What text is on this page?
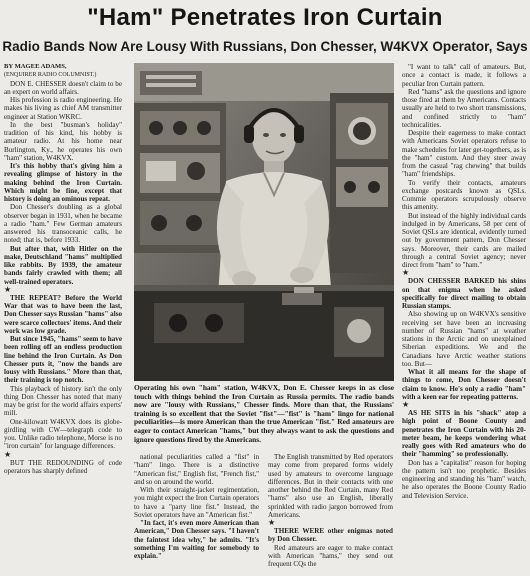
"Ham" Penetrates Iron Curtain
Radio Bands Now Are Lousy With Russians, Don Chesser, W4KVX Operator, Says

BY MAGEE ADAMS,

(ENQUIRER RADIO COLUMNIST.)

DON E. CHESSER doesn't claim to be an expert on world affairs.

His profession is radio engineering. He makes his living as chief AM transmitter engineer at Station WKRC.

In the best "busman's holiday" tradition of his kind, his hobby is amateur radio. At his home near Burlington, Ky., he operates his own "ham" station, W4KVX.

It's this hobby that's giving him a revealing glimpse of history in the making behind the Iron Curtain. Which might be fine, except that history is doing an ominous repeat.

Don Chesser's doubling as a global observer began in 1931, when he became a radio "ham." Few German amateurs answered his transoceanic calls, he noted; that is, before 1933.

But after that, with Hitler on the make, Deutschland "hams" multiplied like rabbits. By 1939, the amateur bands fairly crawled with them; all well-trained operators.

★

THE REPEAT? Before the World War that was to have been the last, Don Chesser says Russian "hams" also were scarce collectors' items. And their work was low grade.

But since 1945, "hams" seem to have been rolling off an endless production line behind the Iron Curtain. As Don Chesser puts it, "now the bands are lousy with Russians." More than that, their training is top notch.

This playback of history isn't the only thing Don Chesser has noted that many may be grist for the world affairs experts' mill.

One-kilowatt W4KVX does its globe-girdling with CW—telegraph code to you. Unlike radio telephone, Morse is no "iron curtain" for language differences.

★

BUT THE REDOUNDING of code operators has sharply defined

Operating his own "ham" station, W4KVX, Don E. Chesser keeps in as close touch with things behind the Iron Curtain as Russia permits. The radio bands now are "lousy with Russians," Chesser finds. More than that, the Russians' training is so excellent that the Soviet "fist"—"fist" is "ham" lingo for national peculiarities—is more American than the true American "fist." Red amateurs are eager to contact American "hams," but they always want to ask the questions and ignore questions fired by the Americans.

national peculiarities called a "fist" in "ham" lingo. There is a distinctive "American fist," English fist, "French fist," and so on around the world.

With their straight-jacket regimentation, you might expect the Iron Curtain operators to have a "party line fist." Instead, the Soviet operators have an "American fist."

"In fact, it's even more American than American," Don Chesser says. "I haven't the faintest idea why," he admits. "It's something I'm waiting for somebody to explain."

The English transmitted by Red operators may come from prepared forms widely used by amateurs to overcome language differences. But in their contacts with one another behind the Red Curtain, many Red "hams" also use an English, liberally sprinkled with radio jargon borrowed from Americans.

★

THERE WERE other enigmas noted by Don Chesser.

Red amateurs are eager to make contact with American "hams," they send out frequent CQs the

"I want to talk" call of amateurs. But, once a contact is made, it follows a peculiar Iron Curtain pattern.

Red "hams" ask the questions and ignore those fired at them by Americans. Contacts usually are held to two short transmissions, and confined strictly to "ham" technicalities.

Despite their eagerness to make contact with Americans Soviet operators refuse to make schedules for later get-togethers, as is the "ham" custom. And they steer away from the casual "rag chewing" that builds "ham" friendships.

To verify their contacts, amateurs exchange postcards known as QSLs. Commie operators scrupulously observe this amenity.

But instead of the highly individual cards indulged in by Americans, 58 per cent of Soviet QSLs are identical, evidently turned out by government pattern, Don Chesser says. Moreover, their cards are mailed through a central Soviet agency; never direct from "ham" to "ham."

★

DON CHESSER BARKED his shins on that enigma when he asked specifically for direct mailing to obtain Russian stamps.

Also showing up on W4KVX's sensitive receiving set have been an increasing number of Russian "hams" at weather stations in the Arctic and on unexplained Siberian expeditions. We and the Canadians have Arctic weather stations too. But—

What it all means for the shape of things to come, Don Chesser doesn't claim to know. He's only a radio "ham" with a keen ear for repeating patterns.

★

AS HE SITS in his "shack" atop a high point of Boone County and penetrates the Iron Curtain with his 20-meter beam, he keeps wondering what really goes with Red amateurs who do their "hamming" so professionally.

Don has a "capitalist" reason for hoping the pattern isn't too prophetic. Besides engineering and standing his "ham" watch, he also operates the Boone County Radio and Television Service.
